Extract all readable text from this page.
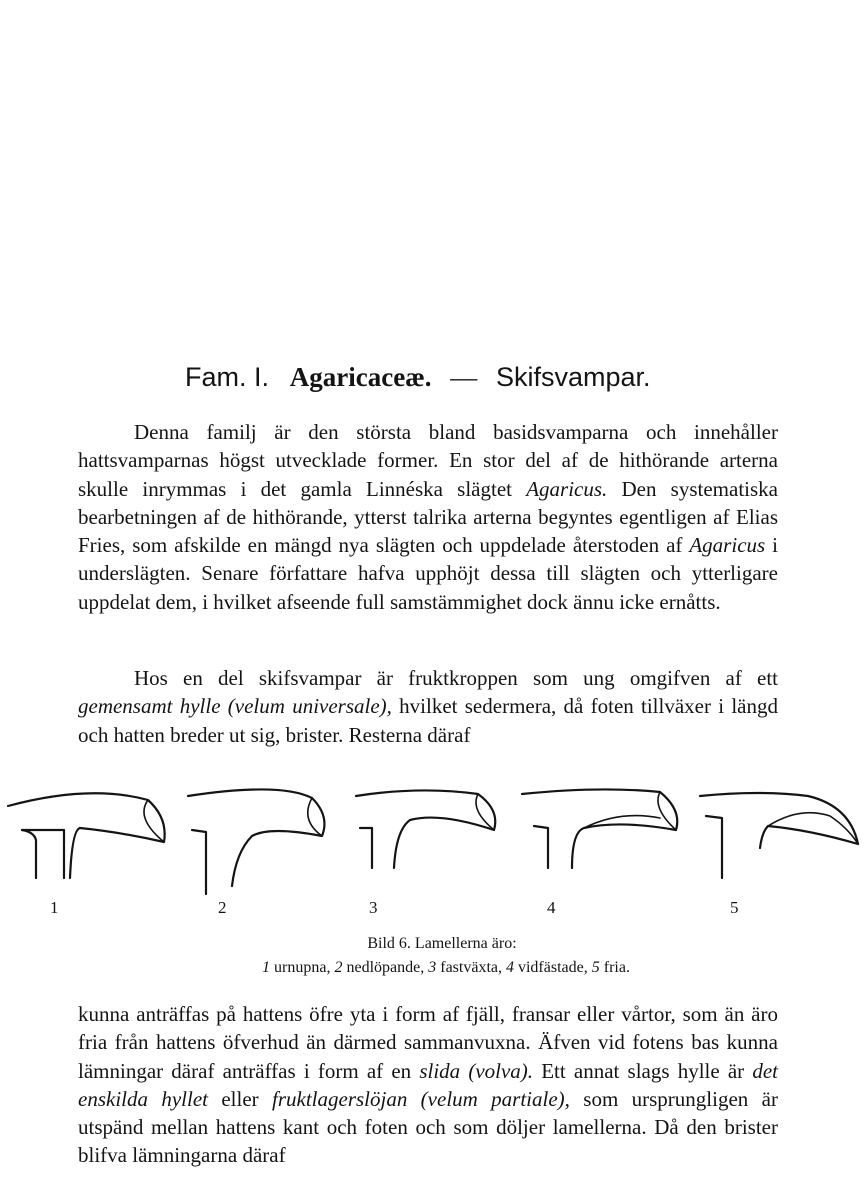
Fam. I. Agaricaceæ. — Skifsvampar.
Denna familj är den största bland basidsvamparna och innehåller hattsvamparnas högst utvecklade former. En stor del af de hithörande arterna skulle inrymmas i det gamla Linnéska slägtet Agaricus. Den systematiska bearbetningen af de hithörande, ytterst talrika arterna begyntes egentligen af Elias Fries, som afskilde en mängd nya slägten och uppdelade återstoden af Agaricus i underslägten. Senare författare hafva upphöjt dessa till slägten och ytterligare uppdelat dem, i hvilket afseende full samstämmighet dock ännu icke ernåtts.
Hos en del skifsvampar är fruktkroppen som ung omgifven af ett gemensamt hylle (velum universale), hvilket sedermera, då foten tillväxer i längd och hatten breder ut sig, brister. Resterna däraf
1	2	3	4	5
Bild 6. Lamellerna äro:
1 urnupna, 2 nedlöpande, 3 fastväxta, 4 vidfästade, 5 fria.
kunna anträffas på hattens öfre yta i form af fjäll, fransar eller vårtor, som än äro fria från hattens öfverhud än därmed sammanvuxna. Äfven vid fotens bas kunna lämningar däraf anträffas i form af en slida (volva). Ett annat slags hylle är det enskilda hyllet eller fruktlagerslöjan (velum partiale), som ursprungligen är utspänd mellan hattens kant och foten och som döljer lamellerna. Då den brister blifva lämningarna däraf
